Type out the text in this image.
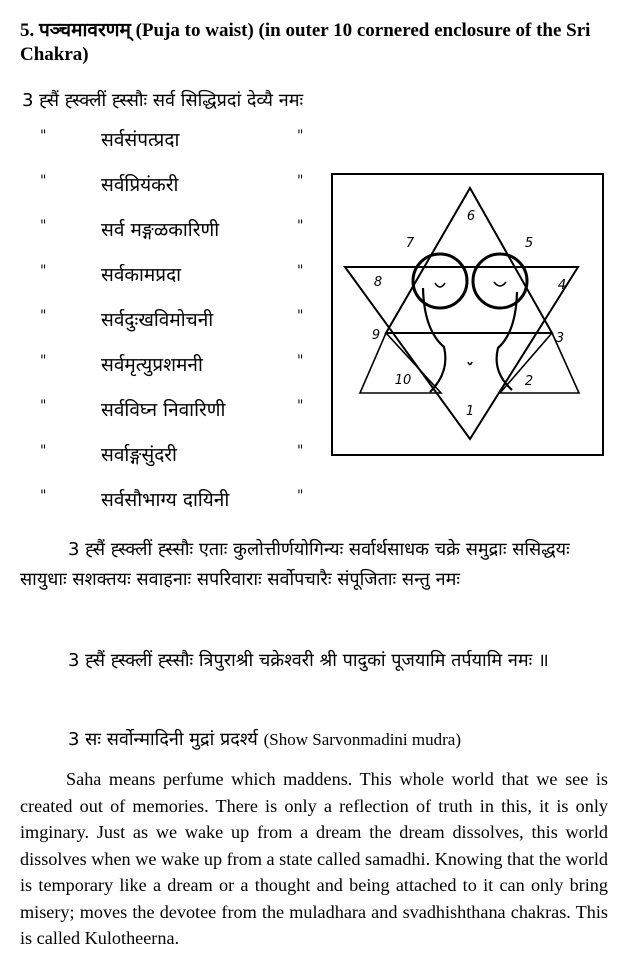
5. पञ्चमावरणम् (Puja to waist) (in outer 10 cornered enclosure of the Sri Chakra)
3 ह्सैं ह्स्क्लीं ह्स्सौः सर्व सिद्धिप्रदां देव्यै नमः
"	सर्वसंपत्प्रदा	"
"	सर्वप्रियंकरी	"
"	सर्व मङ्गळकारिणी	"
"	सर्वकामप्रदा	"
"	सर्वदुःखविमोचनी	"
"	सर्वमृत्युप्रशमनी	"
"	सर्वविघ्न निवारिणी	"
"	सर्वाङ्गसुंदरी	"
"	सर्वसौभाग्य दायिनी	"
1
2
3
4
5
6
7
8
9
10
3 ह्सैं ह्स्क्लीं ह्स्सौः एताः कुलोत्तीर्णयोगिन्यः सर्वार्थसाधक चक्रे समुद्राः ससिद्धयः सायुधाः सशक्तयः सवाहनाः सपरिवाराः सर्वोपचारैः संपूजिताः सन्तु नमः
3 ह्सैं ह्स्क्लीं ह्स्सौः त्रिपुराश्री चक्रेश्वरी श्री पादुकां पूजयामि तर्पयामि नमः ॥
3 सः सर्वोन्मादिनी मुद्रां प्रदर्श्य (Show Sarvonmadini mudra)
Saha means perfume which maddens. This whole world that we see is created out of memories. There is only a reflection of truth in this, it is only imginary. Just as we wake up from a dream the dream dissolves, this world dissolves when we wake up from a state called samadhi. Knowing that the world is temporary like a dream or a thought and being attached to it can only bring misery; moves the devotee from the muladhara and svadhishthana chakras. This is called Kulotheerna.
